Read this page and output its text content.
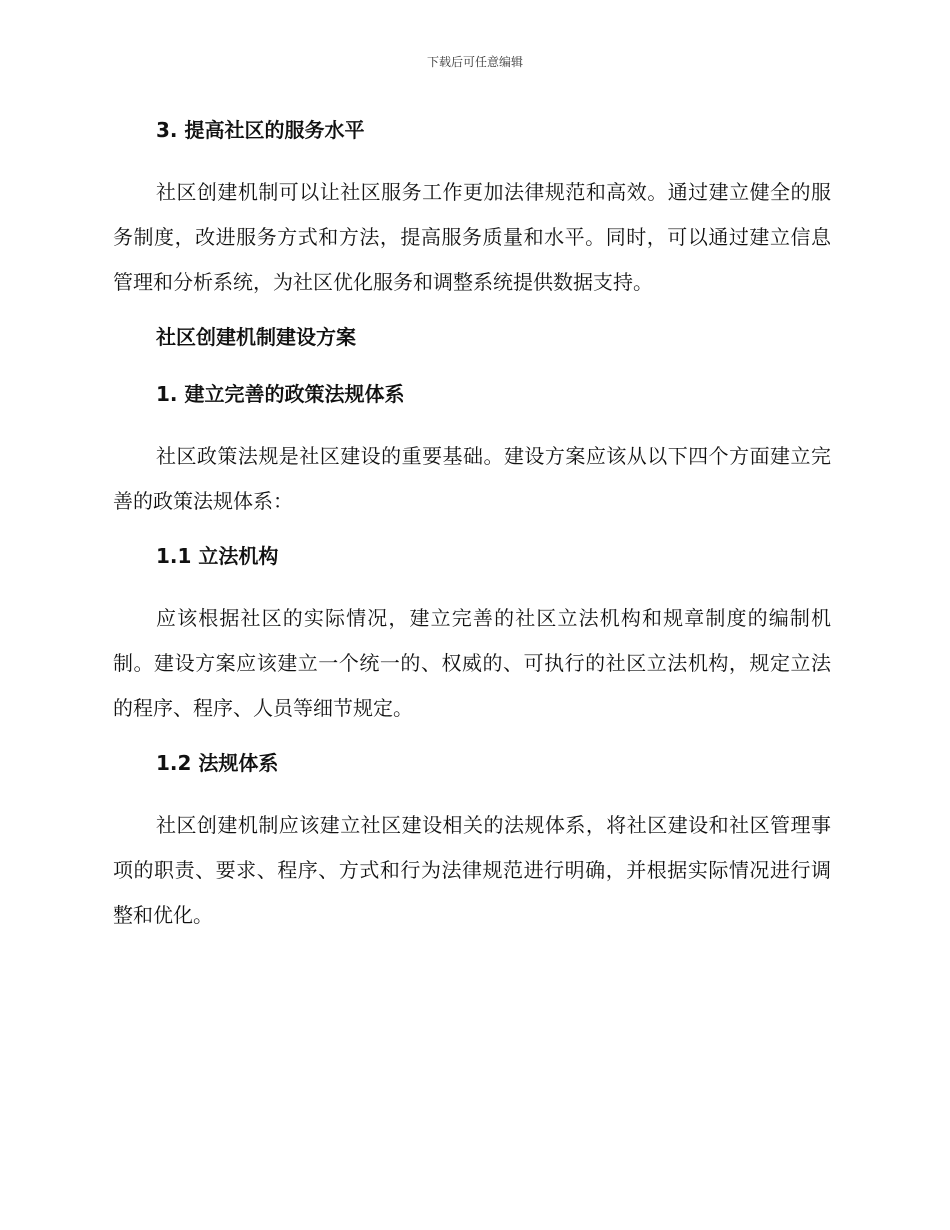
下载后可任意编辑
3. 提高社区的服务水平

社区创建机制可以让社区服务工作更加法律规范和高效。通过建立健全的服务制度，改进服务方式和方法，提高服务质量和水平。同时，可以通过建立信息管理和分析系统，为社区优化服务和调整系统提供数据支持。

社区创建机制建设方案
1. 建立完善的政策法规体系

社区政策法规是社区建设的重要基础。建设方案应该从以下四个方面建立完善的政策法规体系：

1.1 立法机构

应该根据社区的实际情况，建立完善的社区立法机构和规章制度的编制机制。建设方案应该建立一个统一的、权威的、可执行的社区立法机构，规定立法的程序、程序、人员等细节规定。

1.2 法规体系

社区创建机制应该建立社区建设相关的法规体系，将社区建设和社区管理事项的职责、要求、程序、方式和行为法律规范进行明确，并根据实际情况进行调整和优化。
